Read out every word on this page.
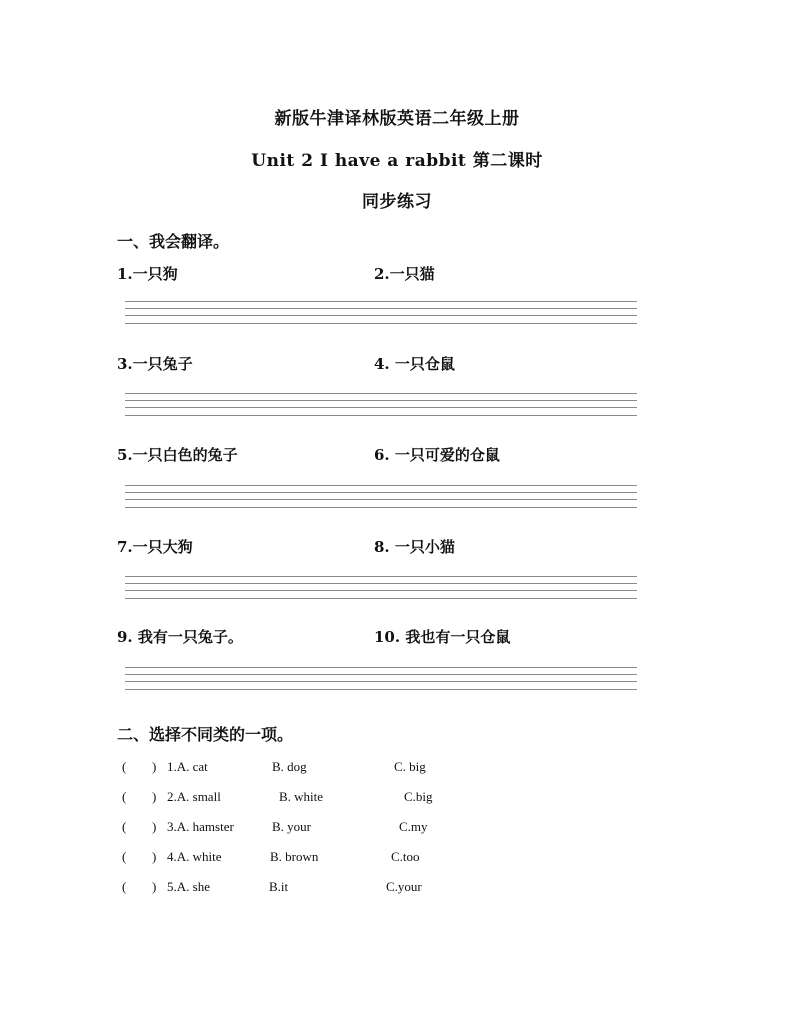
新版牛津译林版英语二年级上册
Unit 2 I have a rabbit 第二课时
同步练习
一、我会翻译。
1.一只狗	2.一只猫
3.一只兔子	4. 一只仓鼠
5.一只白色的兔子	6. 一只可爱的仓鼠
7.一只大狗	8. 一只小猫
9. 我有一只兔子。	10. 我也有一只仓鼠
二、选择不同类的一项。
( ) 1.A. cat	B. dog	C. big
( ) 2.A. small	B. white	C.big
( ) 3.A. hamster	B. your	C.my
( ) 4.A. white	B. brown	C.too
( ) 5.A. she	B.it	C.your
